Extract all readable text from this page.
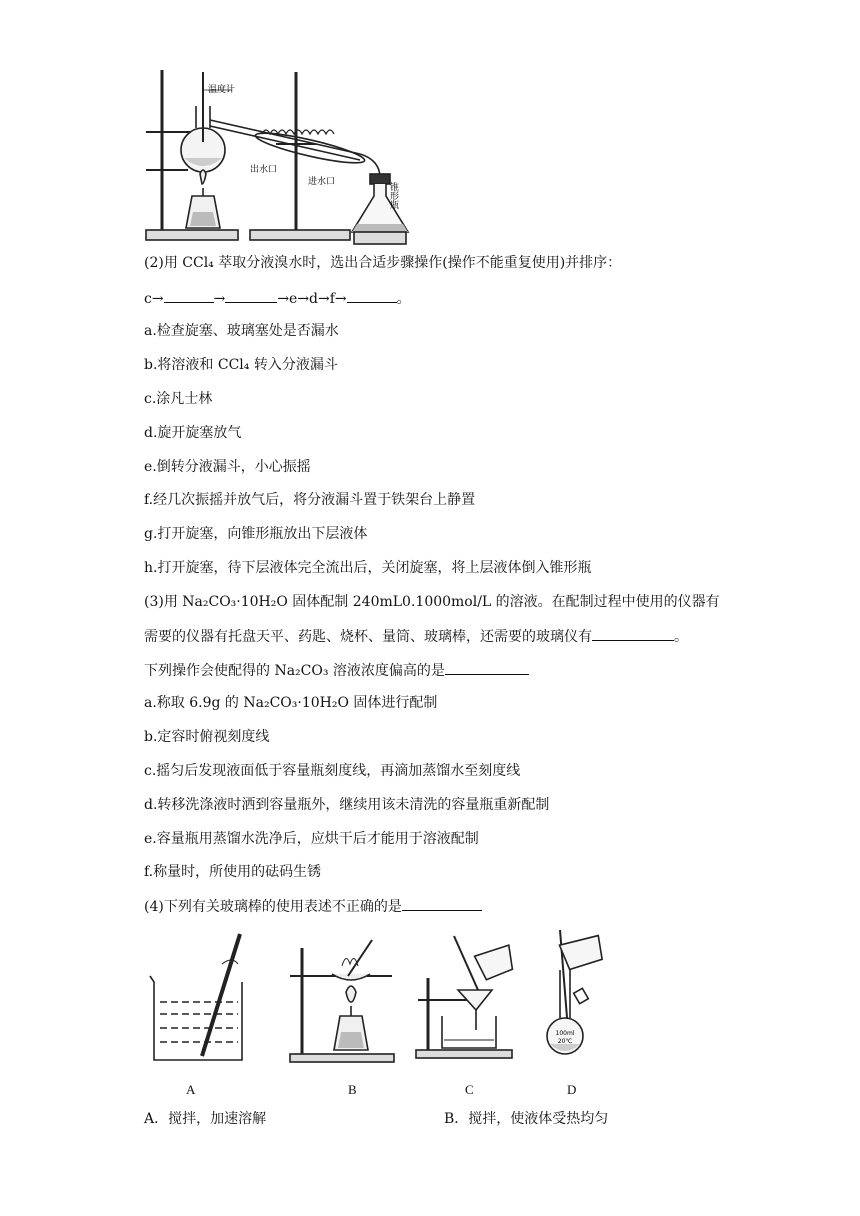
温度计
出水口
进水口	锥形瓶
(2)用 CCl₄ 萃取分液溴水时，选出合适步骤操作(操作不能重复使用)并排序：
c→	→	→e→d→f→	。
a.检查旋塞、玻璃塞处是否漏水
b.将溶液和 CCl₄ 转入分液漏斗
c.涂凡士林
d.旋开旋塞放气
e.倒转分液漏斗，小心振摇
f.经几次振摇并放气后，将分液漏斗置于铁架台上静置
g.打开旋塞，向锥形瓶放出下层液体
h.打开旋塞，待下层液体完全流出后，关闭旋塞，将上层液体倒入锥形瓶
(3)用 Na₂CO₃·10H₂O 固体配制 240mL0.1000mol/L 的溶液。在配制过程中使用的仪器有
需要的仪器有托盘天平、药匙、烧杯、量筒、玻璃棒，还需要的玻璃仪有	。
下列操作会使配得的 Na₂CO₃ 溶液浓度偏高的是
a.称取 6.9g 的 Na₂CO₃·10H₂O 固体进行配制
b.定容时俯视刻度线
c.摇匀后发现液面低于容量瓶刻度线，再滴加蒸馏水至刻度线
d.转移洗涤液时洒到容量瓶外，继续用该未清洗的容量瓶重新配制
e.容量瓶用蒸馏水洗净后，应烘干后才能用于溶液配制
f.称量时，所使用的砝码生锈
(4)下列有关玻璃棒的使用表述不正确的是
100ml
20℃
A	B	C	D
A．搅拌，加速溶解	B．搅拌，使液体受热均匀
